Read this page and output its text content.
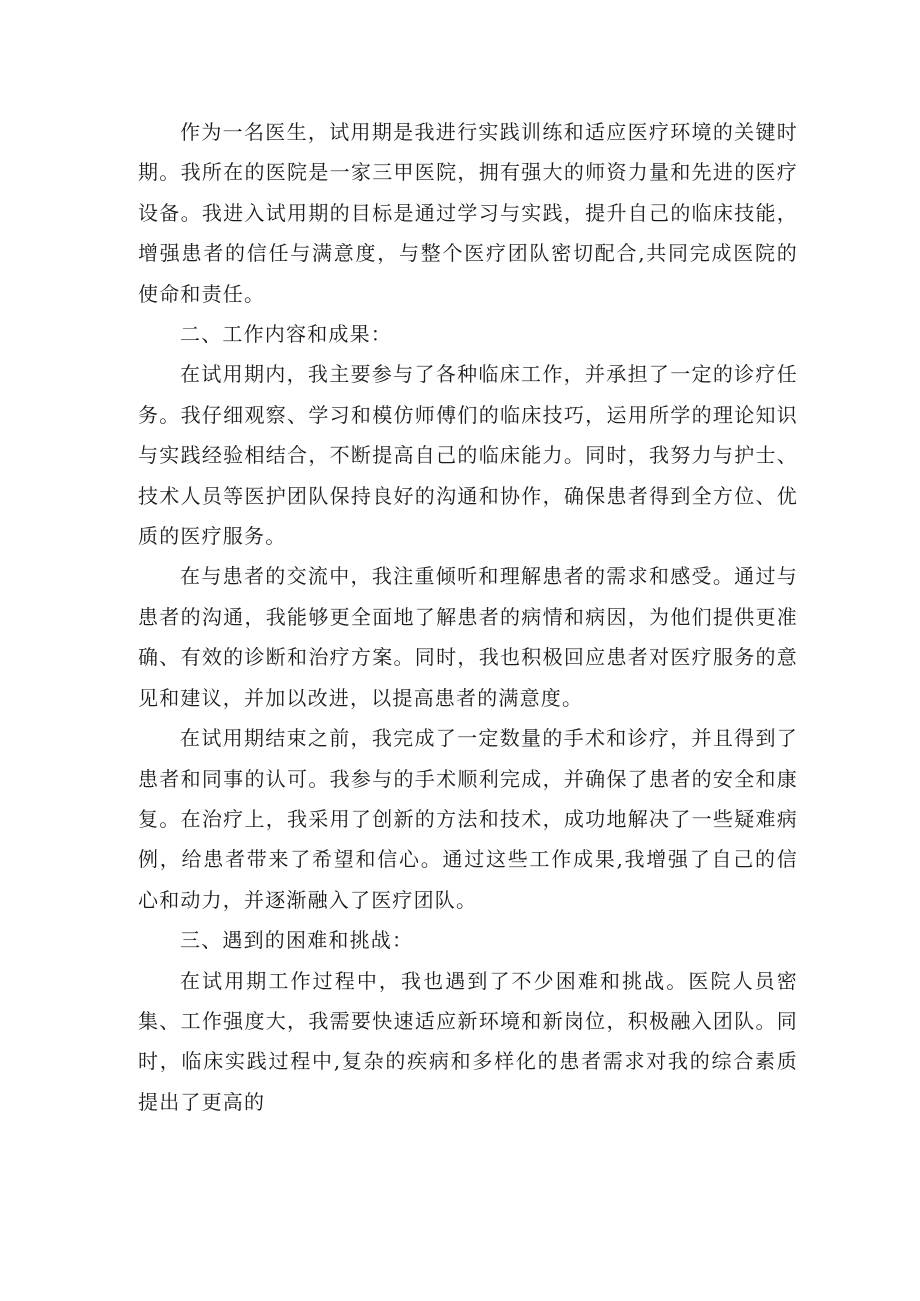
作为一名医生，试用期是我进行实践训练和适应医疗环境的关键时期。我所在的医院是一家三甲医院，拥有强大的师资力量和先进的医疗设备。我进入试用期的目标是通过学习与实践，提升自己的临床技能，增强患者的信任与满意度，与整个医疗团队密切配合,共同完成医院的使命和责任。

二、工作内容和成果：

在试用期内，我主要参与了各种临床工作，并承担了一定的诊疗任务。我仔细观察、学习和模仿师傅们的临床技巧，运用所学的理论知识与实践经验相结合，不断提高自己的临床能力。同时，我努力与护士、技术人员等医护团队保持良好的沟通和协作，确保患者得到全方位、优质的医疗服务。

在与患者的交流中，我注重倾听和理解患者的需求和感受。通过与患者的沟通，我能够更全面地了解患者的病情和病因，为他们提供更准确、有效的诊断和治疗方案。同时，我也积极回应患者对医疗服务的意见和建议，并加以改进，以提高患者的满意度。

在试用期结束之前，我完成了一定数量的手术和诊疗，并且得到了患者和同事的认可。我参与的手术顺利完成，并确保了患者的安全和康复。在治疗上，我采用了创新的方法和技术，成功地解决了一些疑难病例，给患者带来了希望和信心。通过这些工作成果,我增强了自己的信心和动力，并逐渐融入了医疗团队。

三、遇到的困难和挑战：

在试用期工作过程中，我也遇到了不少困难和挑战。医院人员密集、工作强度大，我需要快速适应新环境和新岗位，积极融入团队。同时，临床实践过程中,复杂的疾病和多样化的患者需求对我的综合素质提出了更高的
